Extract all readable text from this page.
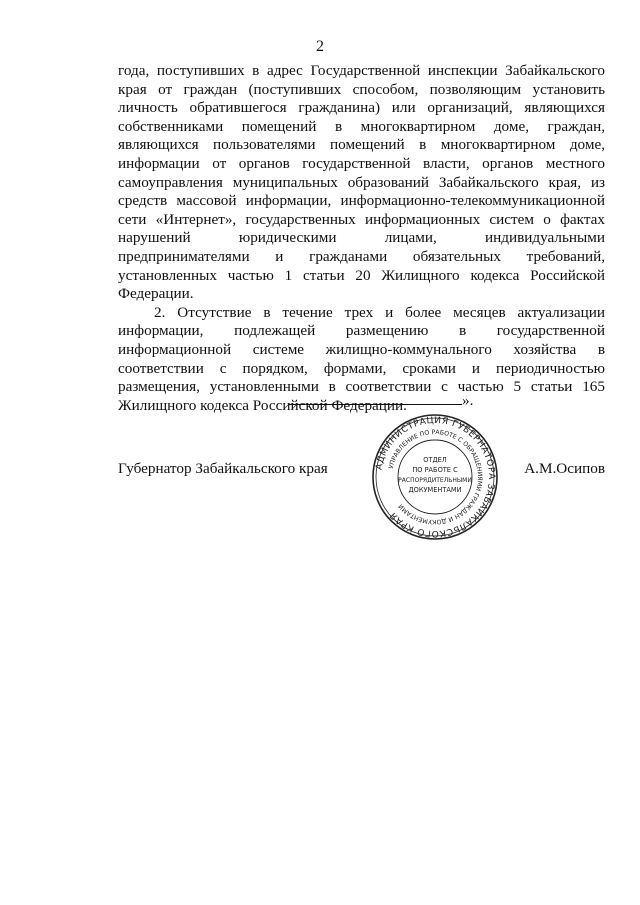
2

года, поступивших в адрес Государственной инспекции Забайкальского края от граждан (поступивших способом, позволяющим установить личность обратившегося гражданина) или организаций, являющихся собственниками помещений в многоквартирном доме, граждан, являющихся пользователями помещений в многоквартирном доме, информации от органов государственной власти, органов местного самоуправления муниципальных образований Забайкальского края, из средств массовой информации, информационно-телекоммуникационной сети «Интернет», государственных информационных систем о фактах нарушений юридическими лицами, индивидуальными предпринимателями и гражданами обязательных требований, установленных частью 1 статьи 20 Жилищного кодекса Российской Федерации.

2. Отсутствие в течение трех и более месяцев актуализации информации, подлежащей размещению в государственной информационной системе жилищно-коммунального хозяйства в соответствии с порядком, формами, сроками и периодичностью размещения, установленными в соответствии с частью 5 статьи 165 Жилищного кодекса Российской Федерации.	».
Губернатор Забайкальского края	А.М.Осипов
АДМИНИСТРАЦИЯ ГУБЕРНАТОРА ЗАБАЙКАЛЬСКОГО КРАЯ
УПРАВЛЕНИЕ ПО РАБОТЕ С ОБРАЩЕНИЯМИ ГРАЖДАН И ДОКУМЕНТАМИ
ОТДЕЛ
ПО РАБОТЕ С
РАСПОРЯДИТЕЛЬНЫМИ
ДОКУМЕНТАМИ
